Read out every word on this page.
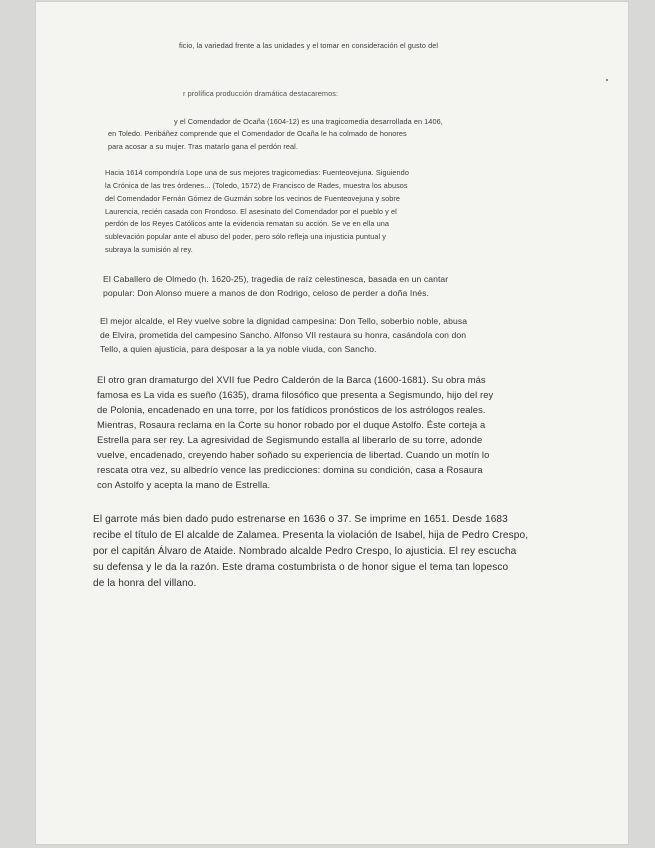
ficio, la variedad frente a las unidades y el tomar en consideración el gusto del
r prolífica producción dramática destacaremos:
y el Comendador de Ocaña (1604-12) es una tragicomedia desarrollada en 1406,
en Toledo. Peribáñez comprende que el Comendador de Ocaña le ha colmado de honores
para acosar a su mujer. Tras matarlo gana el perdón real.
Hacia 1614 compondría Lope una de sus mejores tragicomedias: Fuenteovejuna. Siguiendo
la Crónica de las tres órdenes... (Toledo, 1572) de Francisco de Rades, muestra los abusos
del Comendador Fernán Gómez de Guzmán sobre los vecinos de Fuenteovejuna y sobre
Laurencia, recién casada con Frondoso. El asesinato del Comendador por el pueblo y el
perdón de los Reyes Católicos ante la evidencia rematan su acción. Se ve en ella una
sublevación popular ante el abuso del poder, pero sólo refleja una injusticia puntual y
subraya la sumisión al rey.
El Caballero de Olmedo (h. 1620-25), tragedia de raíz celestinesca, basada en un cantar
popular: Don Alonso muere a manos de don Rodrigo, celoso de perder a doña Inés.
El mejor alcalde, el Rey vuelve sobre la dignidad campesina: Don Tello, soberbio noble, abusa
de Elvira, prometida del campesino Sancho. Alfonso VII restaura su honra, casándola con don
Tello, a quien ajusticia, para desposar a la ya noble viuda, con Sancho.
El otro gran dramaturgo del XVII fue Pedro Calderón de la Barca (1600-1681). Su obra más
famosa es La vida es sueño (1635), drama filosófico que presenta a Segismundo, hijo del rey
de Polonia, encadenado en una torre, por los fatídicos pronósticos de los astrólogos reales.
Mientras, Rosaura reclama en la Corte su honor robado por el duque Astolfo. Éste corteja a
Estrella para ser rey. La agresividad de Segismundo estalla al liberarlo de su torre, adonde
vuelve, encadenado, creyendo haber soñado su experiencia de libertad. Cuando un motín lo
rescata otra vez, su albedrío vence las predicciones: domina su condición, casa a Rosaura
con Astolfo y acepta la mano de Estrella.
El garrote más bien dado pudo estrenarse en 1636 o 37. Se imprime en 1651. Desde 1683
recibe el título de El alcalde de Zalamea. Presenta la violación de Isabel, hija de Pedro Crespo,
por el capitán Álvaro de Ataide. Nombrado alcalde Pedro Crespo, lo ajusticia. El rey escucha
su defensa y le da la razón. Este drama costumbrista o de honor sigue el tema tan lopesco
de la honra del villano.
